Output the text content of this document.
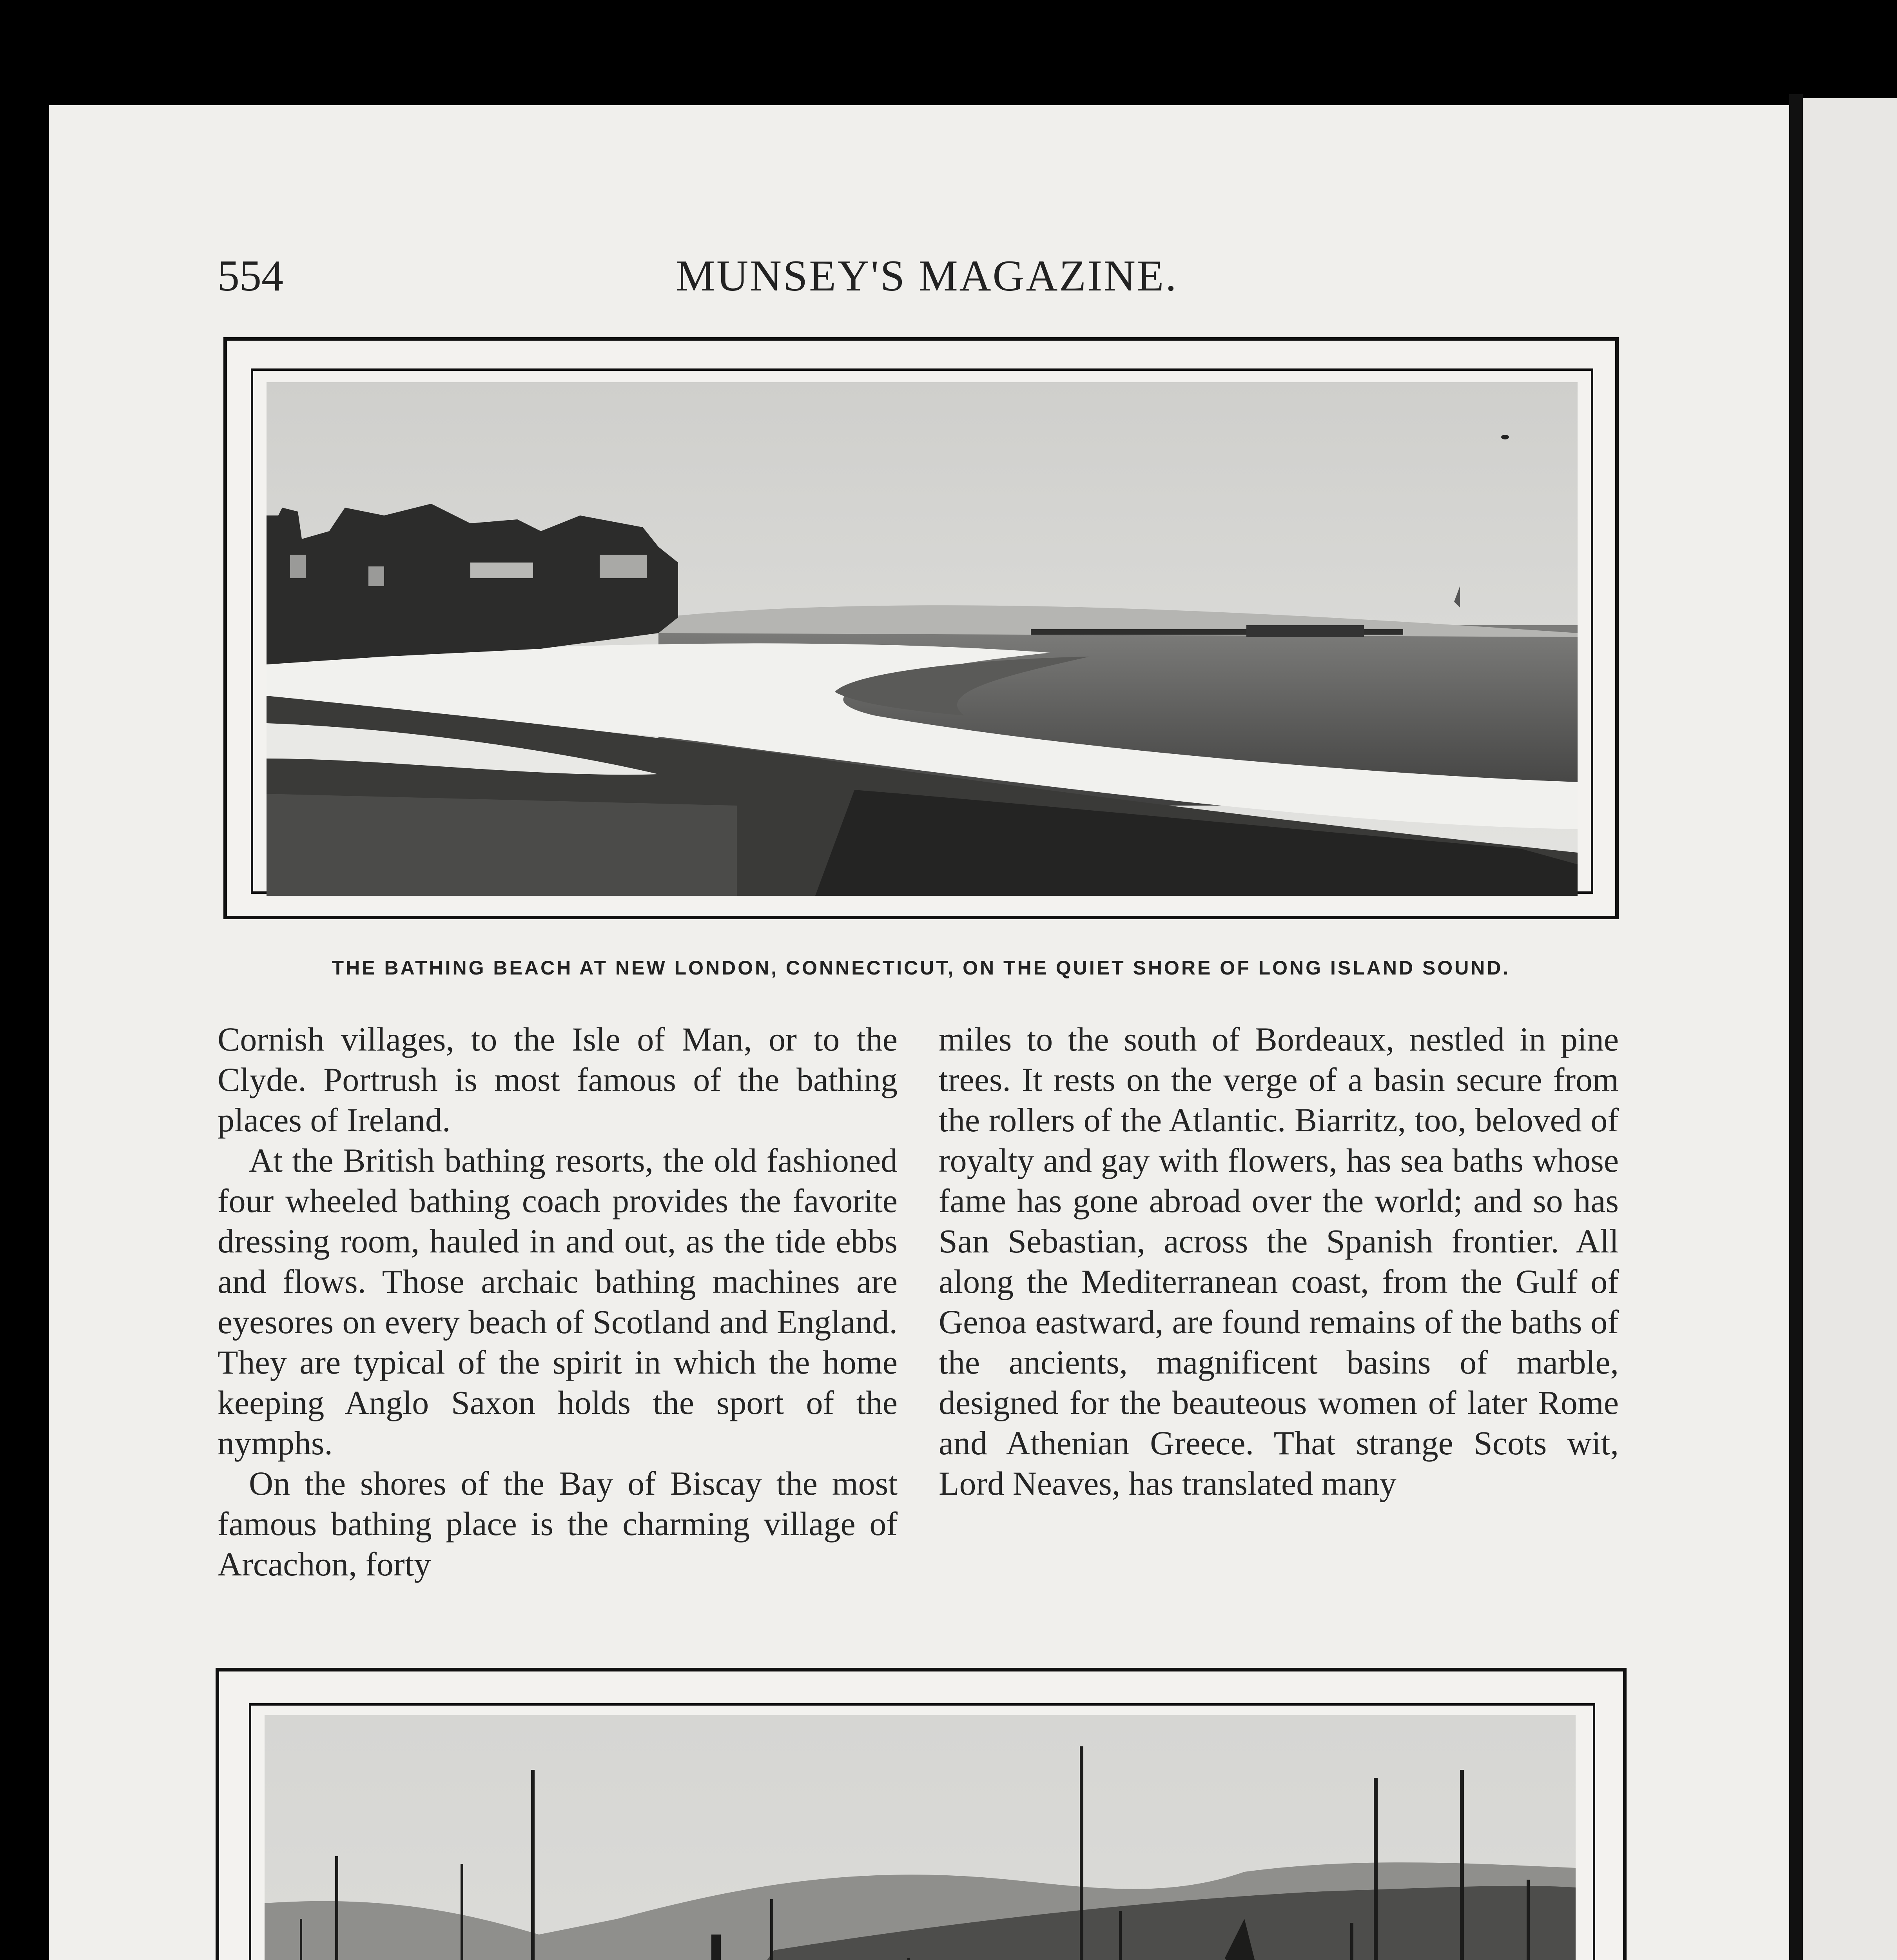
554	MUNSEY'S MAGAZINE.
THE BATHING BEACH AT NEW LONDON, CONNECTICUT, ON THE QUIET SHORE OF LONG ISLAND SOUND.

Cornish villages, to the Isle of Man, or to the Clyde. Portrush is most famous of the bathing places of Ireland.

At the British bathing resorts, the old fashioned four wheeled bathing coach provides the favorite dressing room, hauled in and out, as the tide ebbs and flows. Those archaic bathing machines are eyesores on every beach of Scotland and England. They are typical of the spirit in which the home keeping Anglo Saxon holds the sport of the nymphs.

On the shores of the Bay of Biscay the most famous bathing place is the charming village of Arcachon, forty

miles to the south of Bordeaux, nestled in pine trees. It rests on the verge of a basin secure from the rollers of the Atlantic. Biarritz, too, beloved of royalty and gay with flowers, has sea baths whose fame has gone abroad over the world; and so has San Sebastian, across the Spanish frontier. All along the Mediterranean coast, from the Gulf of Genoa eastward, are found remains of the baths of the ancients, magnificent basins of marble, designed for the beauteous women of later Rome and Athenian Greece. That strange Scots wit, Lord Neaves, has translated many
